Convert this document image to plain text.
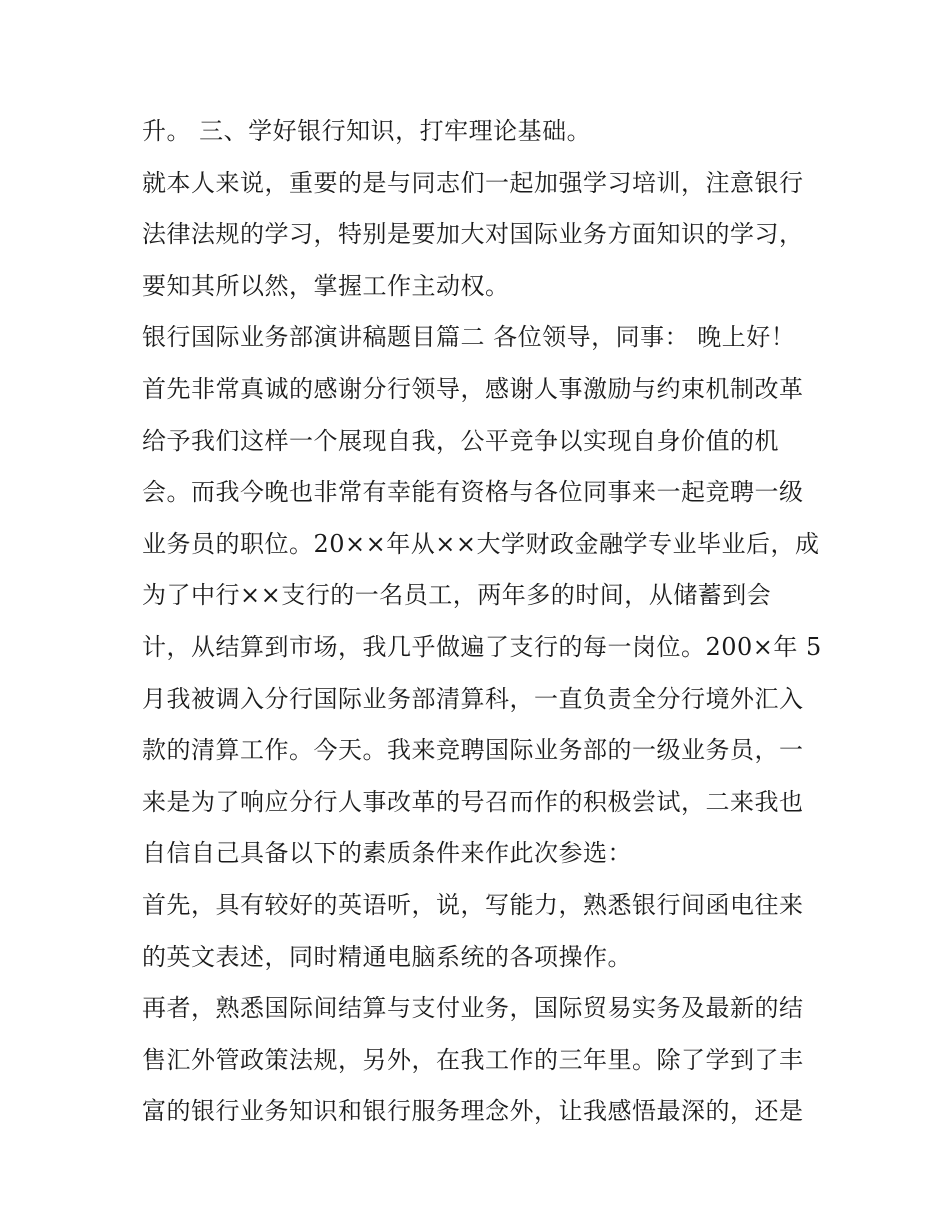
升。 三、学好银行知识，打牢理论基础。
就本人来说，重要的是与同志们一起加强学习培训，注意银行
法律法规的学习，特别是要加大对国际业务方面知识的学习，
要知其所以然，掌握工作主动权。
银行国际业务部演讲稿题目篇二 各位领导，同事： 晚上好！
首先非常真诚的感谢分行领导，感谢人事激励与约束机制改革
给予我们这样一个展现自我，公平竞争以实现自身价值的机
会。而我今晚也非常有幸能有资格与各位同事来一起竞聘一级
业务员的职位。20××年从××大学财政金融学专业毕业后，成
为了中行××支行的一名员工，两年多的时间，从储蓄到会
计，从结算到市场，我几乎做遍了支行的每一岗位。200×年 5
月我被调入分行国际业务部清算科，一直负责全分行境外汇入
款的清算工作。今天。我来竞聘国际业务部的一级业务员，一
来是为了响应分行人事改革的号召而作的积极尝试，二来我也
自信自己具备以下的素质条件来作此次参选：
首先，具有较好的英语听，说，写能力，熟悉银行间函电往来
的英文表述，同时精通电脑系统的各项操作。
再者，熟悉国际间结算与支付业务，国际贸易实务及最新的结
售汇外管政策法规，另外，在我工作的三年里。除了学到了丰
富的银行业务知识和银行服务理念外，让我感悟最深的，还是
